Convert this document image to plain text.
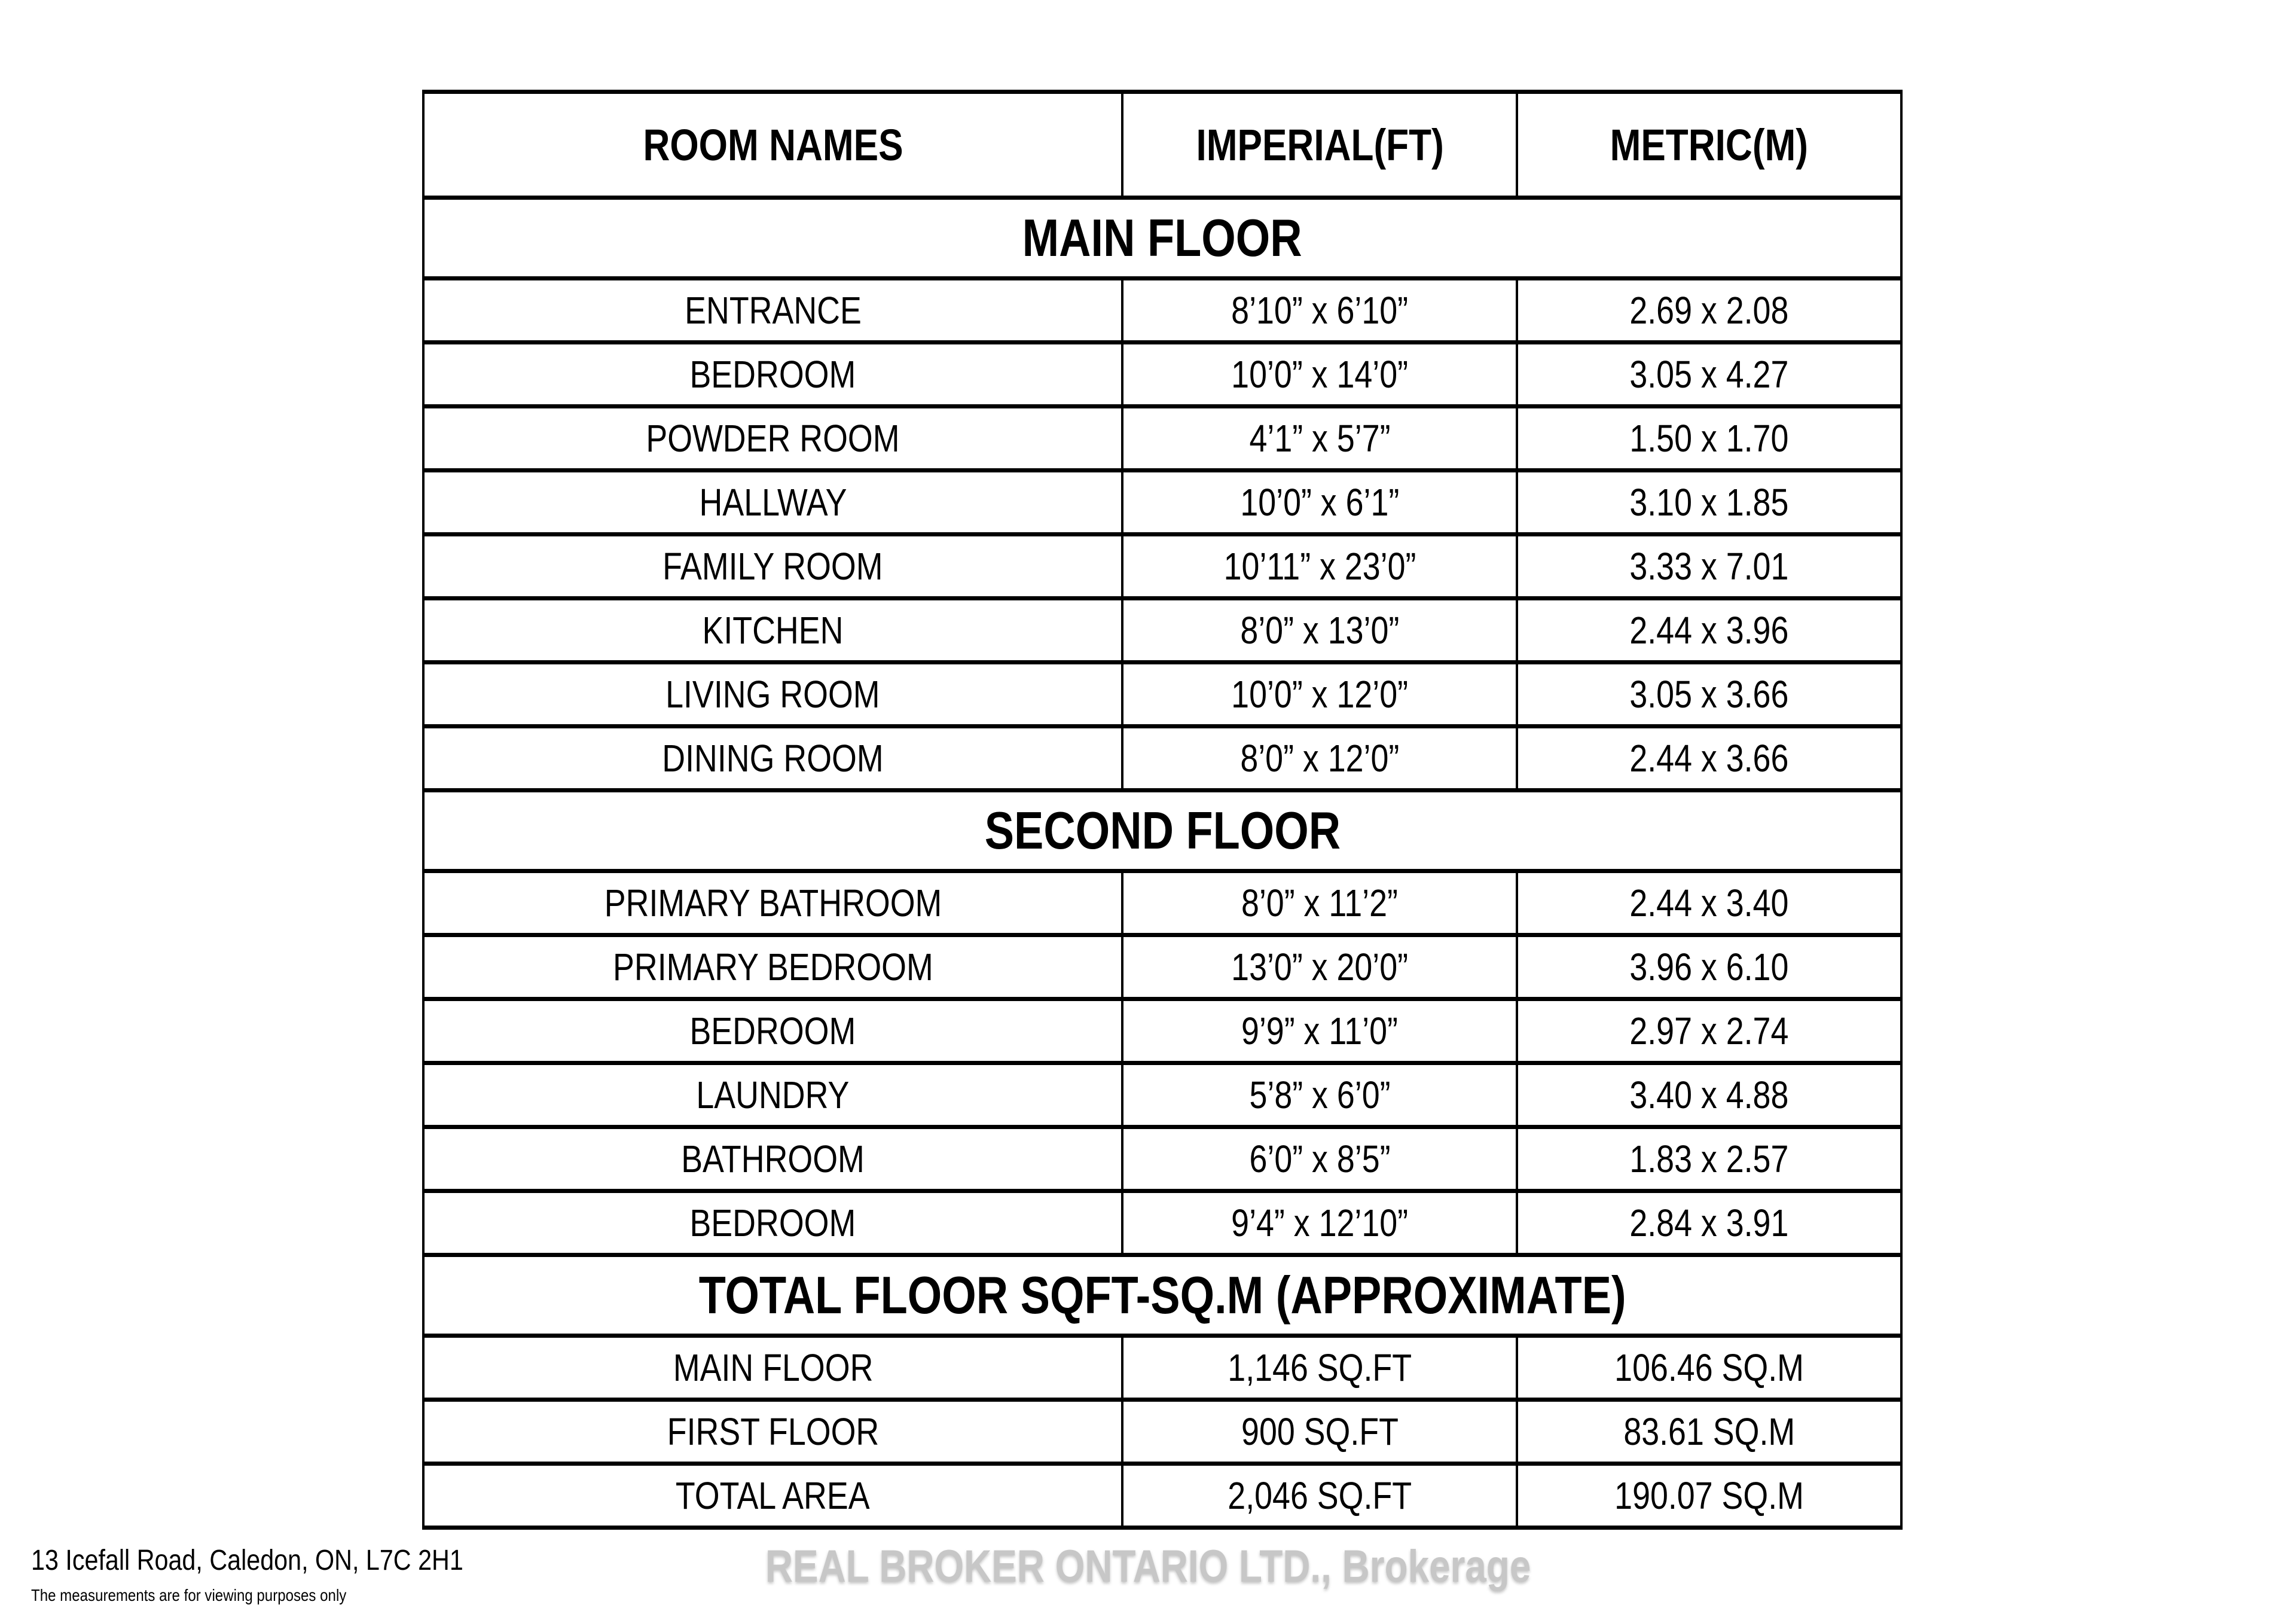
ROOM NAMES	IMPERIAL(FT)	METRIC(M)
MAIN FLOOR		
ENTRANCE	8’10” x 6’10”	2.69 x 2.08
BEDROOM	10’0” x 14’0”	3.05 x 4.27
POWDER ROOM	4’1” x 5’7”	1.50 x 1.70
HALLWAY	10’0” x 6’1”	3.10 x 1.85
FAMILY ROOM	10’11” x 23’0”	3.33 x 7.01
KITCHEN	8’0” x 13’0”	2.44 x 3.96
LIVING ROOM	10’0” x 12’0”	3.05 x 3.66
DINING ROOM	8’0” x 12’0”	2.44 x 3.66
SECOND FLOOR		
PRIMARY BATHROOM	8’0” x 11’2”	2.44 x 3.40
PRIMARY BEDROOM	13’0” x 20’0”	3.96 x 6.10
BEDROOM	9’9” x 11’0”	2.97 x 2.74
LAUNDRY	5’8” x 6’0”	3.40 x 4.88
BATHROOM	6’0” x 8’5”	1.83 x 2.57
BEDROOM	9’4” x 12’10”	2.84 x 3.91
TOTAL FLOOR SQFT-SQ.M (APPROXIMATE)		
MAIN FLOOR	1,146 SQ.FT	106.46 SQ.M
FIRST FLOOR	900 SQ.FT	83.61 SQ.M
TOTAL AREA	2,046 SQ.FT	190.07 SQ.M
REAL BROKER ONTARIO LTD., Brokerage
13 Icefall Road, Caledon, ON, L7C 2H1
The measurements are for viewing purposes only
